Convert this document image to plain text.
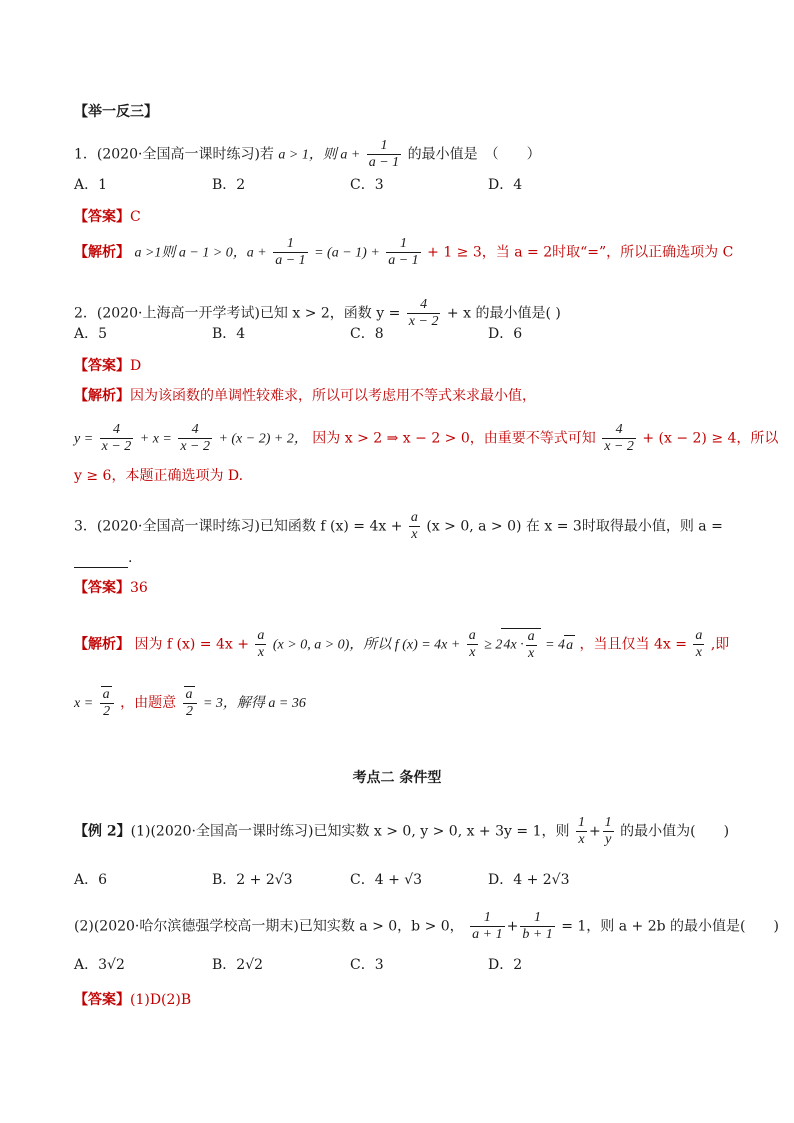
【举一反三】
1．(2020·全国高一课时练习)若 a > 1，则 $a + \frac{1}{a - 1}$ 的最小值是　（　　）
A．1	B．2	C．3	D．4
【答案】C
【解析】 a >1则 a − 1 > 0，$a + \frac{1}{a - 1} = (a - 1) + \frac{1}{a - 1} + 1 \ge 3$，当 a = 2时取“=”，所以正确选项为 C
2．(2020·上海高一开学考试)已知 x > 2，函数 $y = \frac{4}{x - 2} + x$ 的最小值是( )
A．5	B．4	C．8	D．6
【答案】D
【解析】因为该函数的单调性较难求，所以可以考虑用不等式来求最小值，
$y = \frac{4}{x - 2} + x = \frac{4}{x - 2} + (x - 2) + 2$， 因为 x > 2 ⇒ x − 2 > 0，由重要不等式可知 $\frac{4}{x - 2} + (x - 2) \ge 4$，所以
y ≥ 6，本题正确选项为 D.
3．(2020·全国高一课时练习)已知函数 f $(x) = 4x + \frac{a}{x} (x > 0$, a > 0) 在 x = 3时取得最小值，则 a =
.
【答案】36
【解析】 因为 f $(x) = 4x + \frac{a}{x} (x > 0$, a > 0)，所以 f $(x) = 4x + \frac{a}{x} \ge 24x \cdot \frac{a}{x} = 4a$ ，当且仅当 $4x = \frac{a}{x}$ ,即
$x = \frac{a}{2}$ ，由题意 $\frac{a}{2} = 3$，解得 a = 36
考点二 条件型
【例 2】(1)(2020·全国高一课时练习)已知实数 x > 0, y > 0, x + 3y = 1，则 $\frac{1}{x} + \frac{1}{y}$ 的最小值为(　　)
A．6	B．2 + 2√3	C．4 + √3	D．4 + 2√3
(2)(2020·哈尔滨德强学校高一期末)已知实数 a > 0，b > 0， $\frac{1}{a + 1} + \frac{1}{b + 1} = 1$，则 a + 2b 的最小值是(　　)
A．3√2	B．2√2	C．3	D．2
【答案】(1)D(2)B
